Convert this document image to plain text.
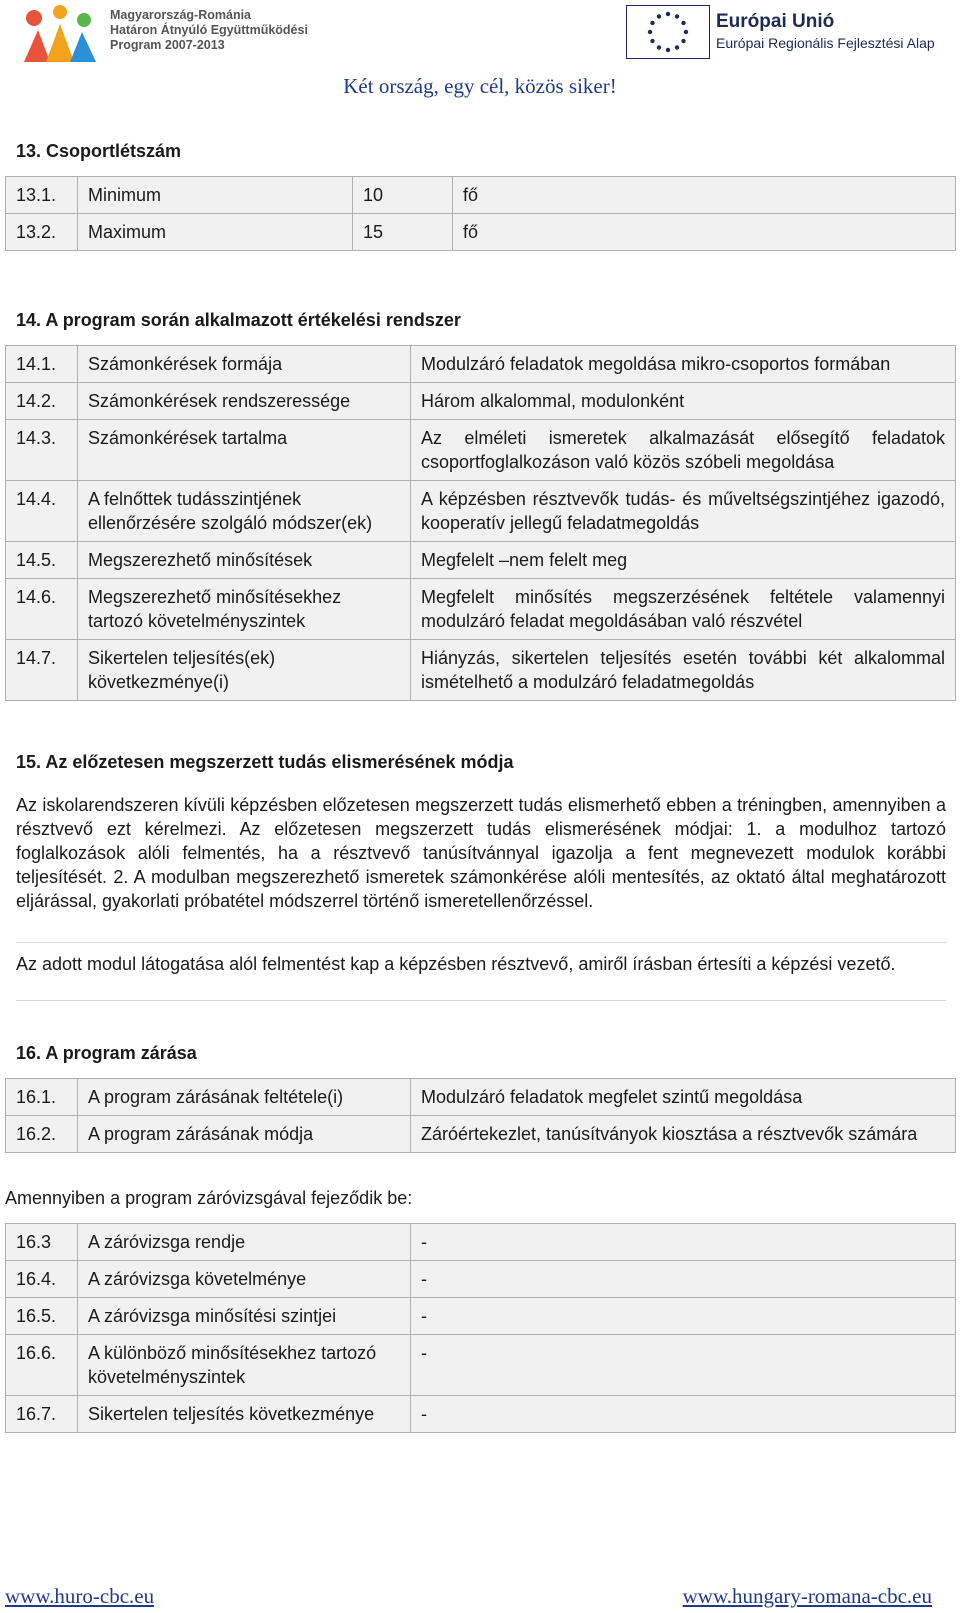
Magyarország-Románia
Határon Átnyúló Együttműködési
Program 2007-2013
Európai Unió
Európai Regionális Fejlesztési Alap
Két ország, egy cél, közös siker!
13. Csoportlétszám
13.1.	Minimum	10	fő
13.2.	Maximum	15	fő
14. A program során alkalmazott értékelési rendszer
14.1.	Számonkérések formája	Modulzáró feladatok megoldása mikro-csoportos formában
14.2.	Számonkérések rendszeressége	Három alkalommal, modulonként
14.3.	Számonkérések tartalma	Az elméleti ismeretek alkalmazását elősegítő feladatok csoportfoglalkozáson való közös szóbeli megoldása
14.4.	A felnőttek tudásszintjének ellenőrzésére szolgáló módszer(ek)	A képzésben résztvevők tudás- és műveltségszintjéhez igazodó, kooperatív jellegű feladatmegoldás
14.5.	Megszerezhető minősítések	Megfelelt –nem felelt meg
14.6.	Megszerezhető minősítésekhez tartozó követelményszintek	Megfelelt minősítés megszerzésének feltétele valamennyi modulzáró feladat megoldásában való részvétel
14.7.	Sikertelen teljesítés(ek) következménye(i)	Hiányzás, sikertelen teljesítés esetén további két alkalommal ismételhető a modulzáró feladatmegoldás
15. Az előzetesen megszerzett tudás elismerésének módja
Az iskolarendszeren kívüli képzésben előzetesen megszerzett tudás elismerhető ebben a tréningben, amennyiben a résztvevő ezt kérelmezi. Az előzetesen megszerzett tudás elismerésének módjai: 1. a modulhoz tartozó foglalkozások alóli felmentés, ha a résztvevő tanúsítvánnyal igazolja a fent megnevezett modulok korábbi teljesítését. 2. A modulban megszerezhető ismeretek számonkérése alóli mentesítés, az oktató által meghatározott eljárással, gyakorlati próbatétel módszerrel történő ismeretellenőrzéssel.
Az adott modul látogatása alól felmentést kap a képzésben résztvevő, amiről írásban értesíti a képzési vezető.
16. A program zárása
16.1.	A program zárásának feltétele(i)	Modulzáró feladatok megfelet szintű megoldása
16.2.	A program zárásának módja	Záróértekezlet, tanúsítványok kiosztása a résztvevők számára
Amennyiben a program záróvizsgával fejeződik be:
16.3	A záróvizsga rendje	-
16.4.	A záróvizsga követelménye	-
16.5.	A záróvizsga minősítési szintjei	-
16.6.	A különböző minősítésekhez tartozó követelményszintek	-
16.7.	Sikertelen teljesítés következménye	-
www.huro-cbc.eu	www.hungary-romana-cbc.eu
